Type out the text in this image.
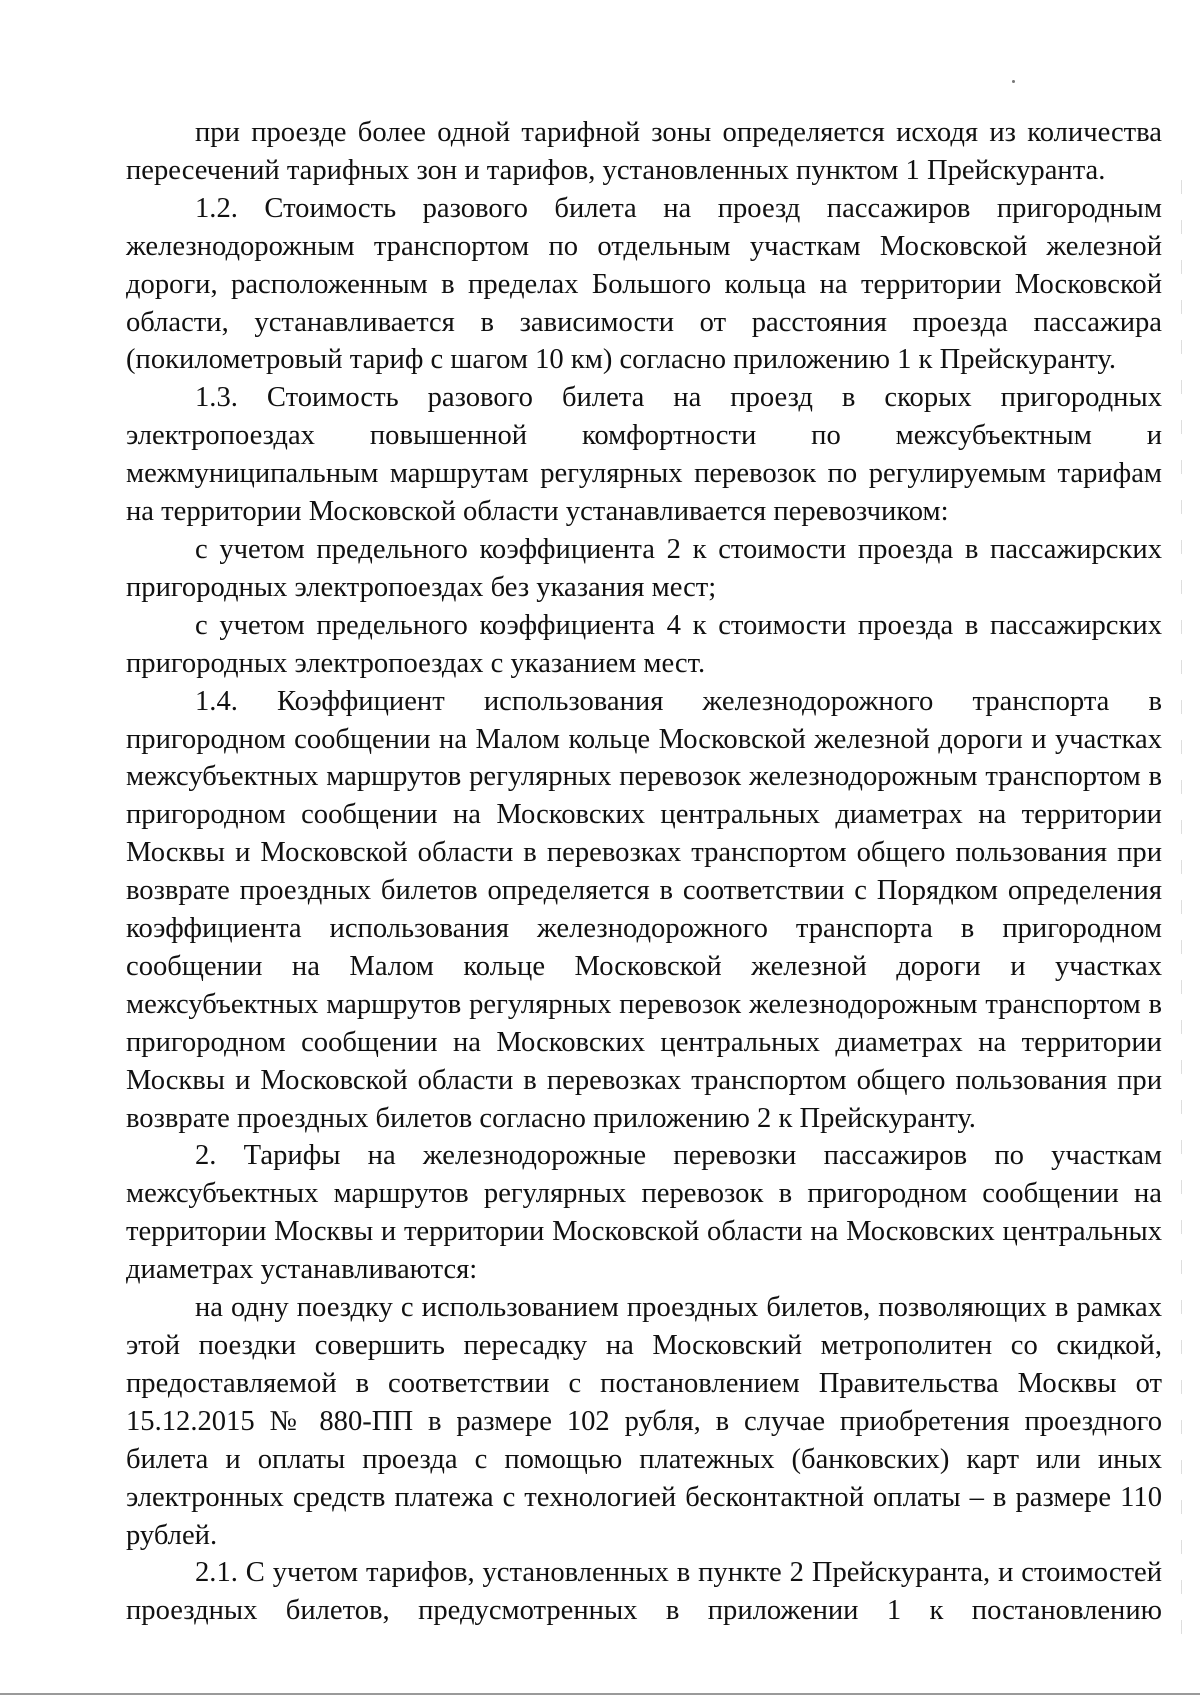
при проезде более одной тарифной зоны определяется исходя из количества пересечений тарифных зон и тарифов, установленных пунктом 1 Прейскуранта.

1.2. Стоимость разового билета на проезд пассажиров пригородным железнодорожным транспортом по отдельным участкам Московской железной дороги, расположенным в пределах Большого кольца на территории Московской области, устанавливается в зависимости от расстояния проезда пассажира (покилометровый тариф с шагом 10 км) согласно приложению 1 к Прейскуранту.

1.3. Стоимость разового билета на проезд в скорых пригородных электропоездах повышенной комфортности по межсубъектным и межмуниципальным маршрутам регулярных перевозок по регулируемым тарифам на территории Московской области устанавливается перевозчиком:

с учетом предельного коэффициента 2 к стоимости проезда в пассажирских пригородных электропоездах без указания мест;

с учетом предельного коэффициента 4 к стоимости проезда в пассажирских пригородных электропоездах с указанием мест.

1.4. Коэффициент использования железнодорожного транспорта в пригородном сообщении на Малом кольце Московской железной дороги и участках межсубъектных маршрутов регулярных перевозок железнодорожным транспортом в пригородном сообщении на Московских центральных диаметрах на территории Москвы и Московской области в перевозках транспортом общего пользования при возврате проездных билетов определяется в соответствии с Порядком определения коэффициента использования железнодорожного транспорта в пригородном сообщении на Малом кольце Московской железной дороги и участках межсубъектных маршрутов регулярных перевозок железнодорожным транспортом в пригородном сообщении на Московских центральных диаметрах на территории Москвы и Московской области в перевозках транспортом общего пользования при возврате проездных билетов согласно приложению 2 к Прейскуранту.

2. Тарифы на железнодорожные перевозки пассажиров по участкам межсубъектных маршрутов регулярных перевозок в пригородном сообщении на территории Москвы и территории Московской области на Московских центральных диаметрах устанавливаются:

на одну поездку с использованием проездных билетов, позволяющих в рамках этой поездки совершить пересадку на Московский метрополитен со скидкой, предоставляемой в соответствии с постановлением Правительства Москвы от 15.12.2015 № 880-ПП в размере 102 рубля, в случае приобретения проездного билета и оплаты проезда с помощью платежных (банковских) карт или иных электронных средств платежа с технологией бесконтактной оплаты – в размере 110 рублей.

2.1. С учетом тарифов, установленных в пункте 2 Прейскуранта, и стоимостей проездных билетов, предусмотренных в приложении 1 к постановлению
